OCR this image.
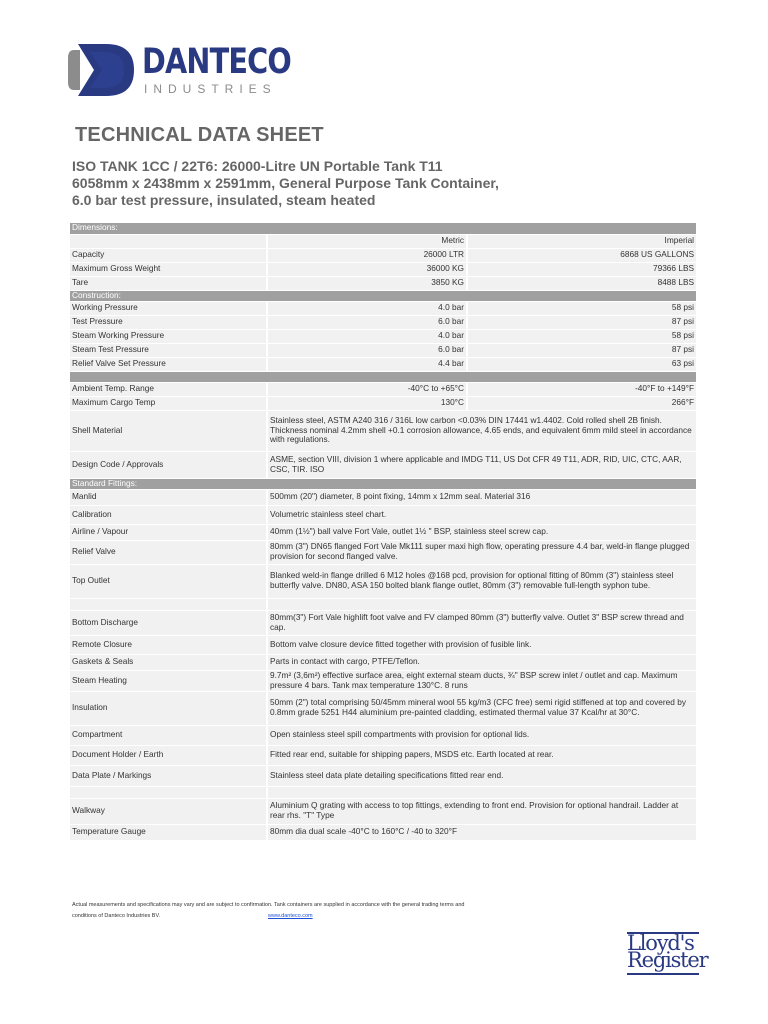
DANTECO
INDUSTRIES
TECHNICAL DATA SHEET
ISO TANK 1CC / 22T6: 26000-Litre UN Portable Tank T11
6058mm x 2438mm x 2591mm, General Purpose Tank Container,
6.0 bar test pressure, insulated, steam heated
Dimensions:		
	Metric	Imperial
Capacity	26000 LTR	6868 US GALLONS
Maximum Gross Weight	36000 KG	79366 LBS
Tare	3850 KG	8488 LBS
Construction:		
Working Pressure	4.0 bar	58 psi
Test Pressure	6.0 bar	87 psi
Steam Working Pressure	4.0 bar	58 psi
Steam Test Pressure	6.0 bar	87 psi
Relief Valve Set Pressure	4.4 bar	63 psi

Ambient Temp. Range	-40°C to +65°C	-40°F to +149°F
Maximum Cargo Temp	130°C	266°F
Shell Material	Stainless steel, ASTM A240 316 / 316L low carbon <0.03% DIN 17441 w1.4402. Cold rolled shell 2B finish. Thickness nominal 4.2mm shell +0.1 corrosion allowance, 4.65 ends, and equivalent 6mm mild steel in accordance with regulations.	
Design Code / Approvals	ASME, section VIII, division 1 where applicable and IMDG T11, US Dot CFR 49 T11, ADR, RID, UIC, CTC, AAR, CSC, TIR. ISO	
Standard Fittings:		
Manlid	500mm (20") diameter, 8 point fixing, 14mm x 12mm seal. Material 316	
Calibration	Volumetric stainless steel chart.	
Airline / Vapour	40mm (1½") ball valve Fort Vale, outlet 1½ " BSP, stainless steel screw cap.	
Relief Valve	80mm (3") DN65 flanged Fort Vale Mk111 super maxi high flow, operating pressure 4.4 bar, weld-in flange plugged provision for second flanged valve.	
Top Outlet	Blanked weld-in flange drilled 6 M12 holes @168 pcd, provision for optional fitting of 80mm (3") stainless steel butterfly valve. DN80, ASA 150 bolted blank flange outlet, 80mm (3") removable full-length syphon tube.	

Bottom Discharge	80mm(3") Fort Vale highlift foot valve and FV clamped 80mm (3") butterfly valve. Outlet 3" BSP screw thread and cap.	
Remote Closure	Bottom valve closure device fitted together with provision of fusible link.	
Gaskets & Seals	Parts in contact with cargo, PTFE/Teflon.	
Steam Heating	9.7m² (3,6m²) effective surface area, eight external steam ducts, ¾" BSP screw inlet / outlet and cap. Maximum pressure 4 bars. Tank max temperature 130°C. 8 runs	
Insulation	50mm (2") total comprising 50/45mm mineral wool 55 kg/m3 (CFC free) semi rigid stiffened at top and covered by 0.8mm grade 5251 H44 aluminium pre-painted cladding, estimated thermal value 37 Kcal/hr at 30°C.	
Compartment	Open stainless steel spill compartments with provision for optional lids.	
Document Holder / Earth	Fitted rear end, suitable for shipping papers, MSDS etc. Earth located at rear.	
Data Plate / Markings	Stainless steel data plate detailing specifications fitted rear end.	

Walkway	Aluminium Q grating with access to top fittings, extending to front end. Provision for optional handrail. Ladder at rear rhs. "T" Type	
Temperature Gauge	80mm dia dual scale -40°C to 160°C / -40 to 320°F	
Actual measurements and specifications may vary and are subject to confirmation. Tank containers are supplied in accordance with the general trading terms and
conditions of Danteco Industries BV.	www.danteco.com
Lloyd's
Register
